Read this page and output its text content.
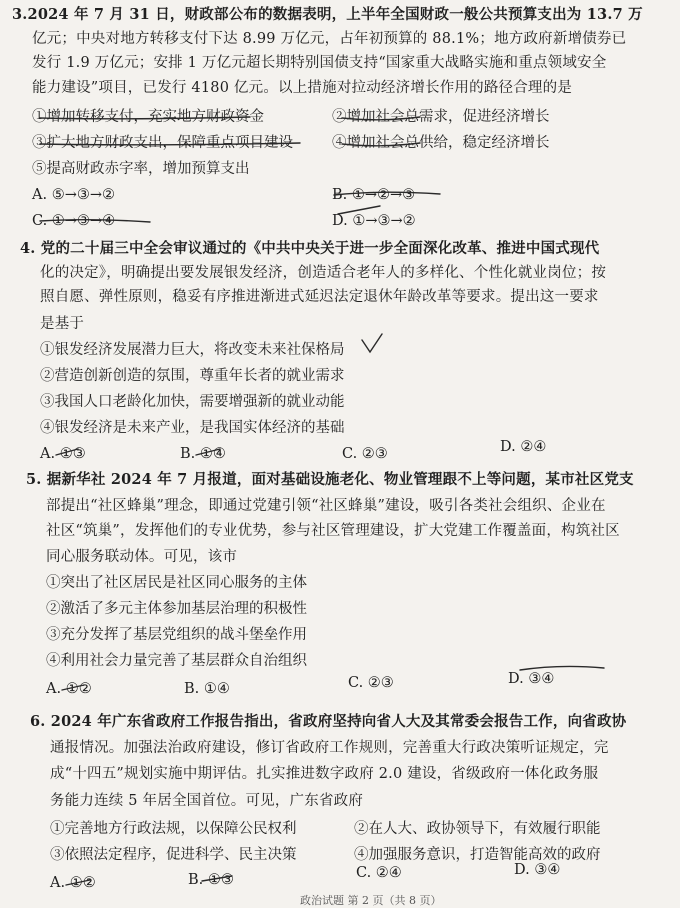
3.2024 年 7 月 31 日，财政部公布的数据表明，上半年全国财政一般公共预算支出为 13.7 万
亿元；中央对地方转移支付下达 8.99 万亿元，占年初预算的 88.1%；地方政府新增债券已
发行 1.9 万亿元；安排 1 万亿元超长期特别国债支持“国家重大战略实施和重点领域安全
能力建设”项目，已发行 4180 亿元。以上措施对拉动经济增长作用的路径合理的是
①增加转移支付，充实地方财政资金	②增加社会总需求，促进经济增长
③扩大地方财政支出，保障重点项目建设	④增加社会总供给，稳定经济增长
⑤提高财政赤字率，增加预算支出
A. ⑤→③→②	B. ①→②→③
C. ①→③→④	D. ①→③→②
4. 党的二十届三中全会审议通过的《中共中央关于进一步全面深化改革、推进中国式现代
化的决定》，明确提出要发展银发经济，创造适合老年人的多样化、个性化就业岗位；按
照自愿、弹性原则，稳妥有序推进渐进式延迟法定退休年龄改革等要求。提出这一要求
是基于
①银发经济发展潜力巨大，将改变未来社保格局
②营造创新创造的氛围，尊重年长者的就业需求
③我国人口老龄化加快，需要增强新的就业动能
④银发经济是未来产业，是我国实体经济的基础
A. ①③	B. ①④	C. ②③	D. ②④
5. 据新华社 2024 年 7 月报道，面对基础设施老化、物业管理跟不上等问题，某市社区党支
部提出“社区蜂巢”理念，即通过党建引领“社区蜂巢”建设，吸引各类社会组织、企业在
社区“筑巢”，发挥他们的专业优势，参与社区管理建设，扩大党建工作覆盖面，构筑社区
同心服务联动体。可见，该市
①突出了社区居民是社区同心服务的主体
②激活了多元主体参加基层治理的积极性
③充分发挥了基层党组织的战斗堡垒作用
④利用社会力量完善了基层群众自治组织
A. ①②	B. ①④	C. ②③	D. ③④
6. 2024 年广东省政府工作报告指出，省政府坚持向省人大及其常委会报告工作，向省政协
通报情况。加强法治政府建设，修订省政府工作规则，完善重大行政决策听证规定，完
成“十四五”规划实施中期评估。扎实推进数字政府 2.0 建设，省级政府一体化政务服
务能力连续 5 年居全国首位。可见，广东省政府
①完善地方行政法规，以保障公民权利	②在人大、政协领导下，有效履行职能
③依照法定程序，促进科学、民主决策	④加强服务意识，打造智能高效的政府
A. ①②	B. ①③	C. ②④	D. ③④
政治试题 第 2 页（共 8 页）
